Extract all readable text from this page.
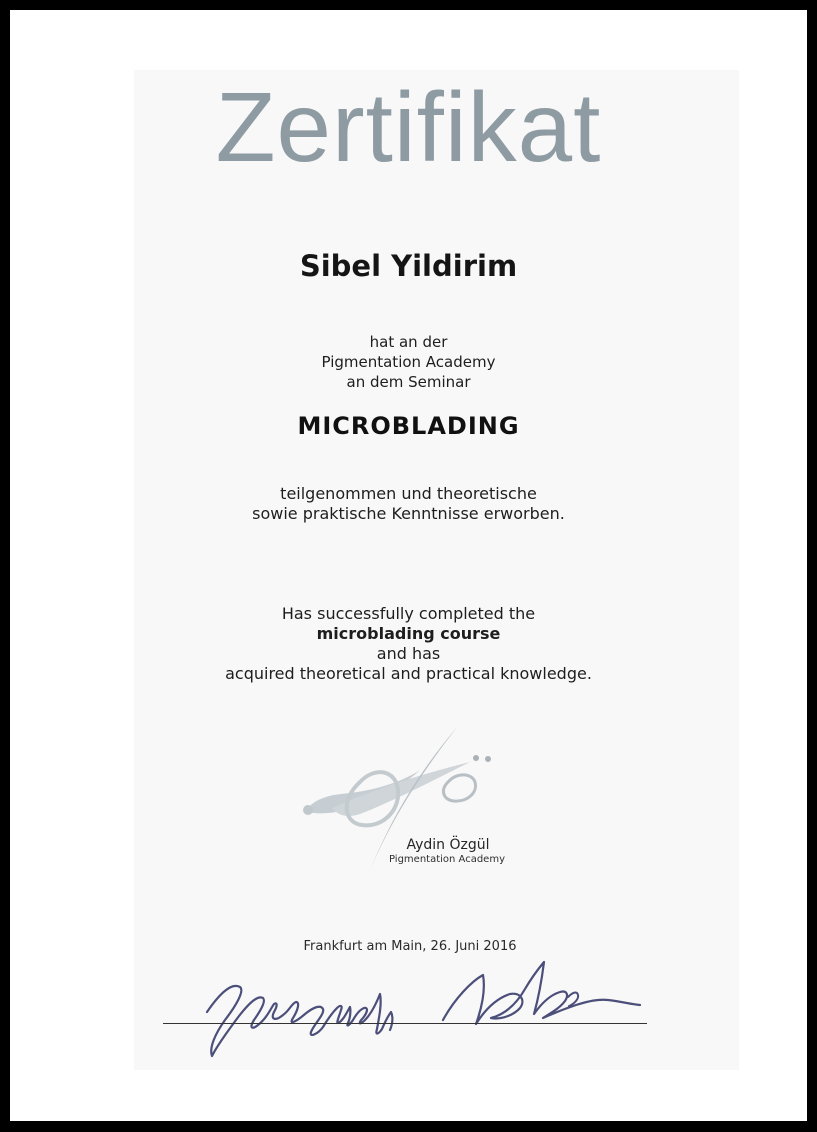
Zertifikat
Sibel Yildirim
hat an der
Pigmentation Academy
an dem Seminar
MICROBLADING
teilgenommen und theoretische
sowie praktische Kenntnisse erworben.
Has successfully completed the
microblading course
and has
acquired theoretical and practical knowledge.
Aydin Özgül
Pigmentation Academy
Frankfurt am Main, 26. Juni 2016
